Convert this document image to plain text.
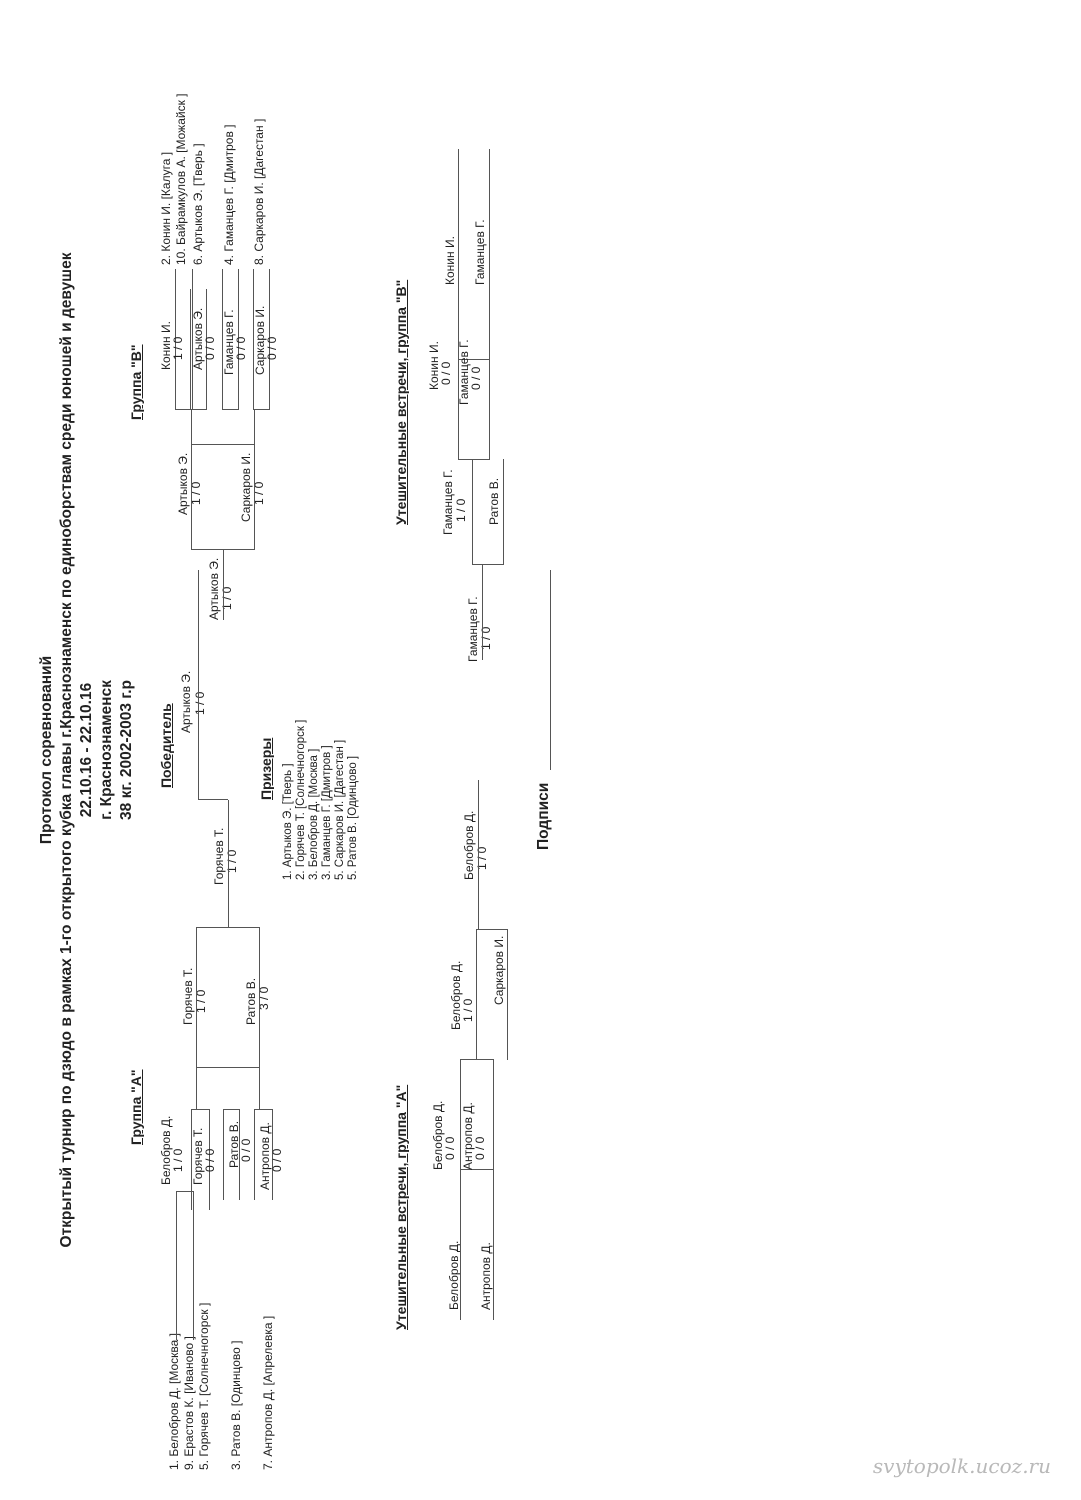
Протокол соревнований Открытый турнир по дзюдо в рамках 1-го открытого кубка главы г.Краснознаменск по единоборствам среди юношей и девушек 22.10.16 - 22.10.16 г. Краснознаменск 38 кг. 2002-2003 г.р
Группа "А"
1. Белобров Д. [Москва ] 9. Ерастов К. [Иваново ] 5. Горячев Т. [Солнечногорск ] 3. Ратов В. [Одинцово ] 7. Антропов Д. [Апрелевка ]
Белобров Д.
1 / 0 Горячев Т.
0 / 0 Ратов В.
0 / 0 Антропов Д.
0 / 0
Горячев Т. 1 / 0	Ратов В. 3 / 0
Горячев Т. 1 / 0
Победитель
Артыков Э. 1 / 0
Призеры 1. Артыков Э. [Тверь ] 2. Горячев Т. [Солнечногорск ] 3. Белобров Д. [Москва ] 3. Гаманцев Г. [Дмитров ] 5. Саркаров И. [Дагестан ] 5. Ратов В. [Одинцово ]
Группа "В"
2. Конин И. [Калуга ] 10. Байрамкулов А. [Можайск ] 6. Артыков Э. [Тверь ] 4. Гаманцев Г. [Дмитров ] 8. Саркаров И. [Дагестан ]
Конин И.
1 / 0 Артыков Э.
0 / 0 Гаманцев Г.
0 / 0 Саркаров И.
0 / 0
Артыков Э. 1 / 0	Саркаров И. 1 / 0
Артыков Э. 1 / 0
Утешительные встречи, группа "А"	Белобров Д. Антропов Д.
Белобров Д.
0 / 0 Антропов Д.
0 / 0
Белобров Д.
1 / 0
Саркаров И.
Белобров Д. 1 / 0
Подписи
Утешительные встречи, группа "В"
Конин И. Гаманцев Г.
Конин И.
0 / 0 Гаманцев Г.
0 / 0
Гаманцев Г. 1 / 0 Ратов В.
Гаманцев Г. 1 / 0
svytopolk.ucoz.ru
